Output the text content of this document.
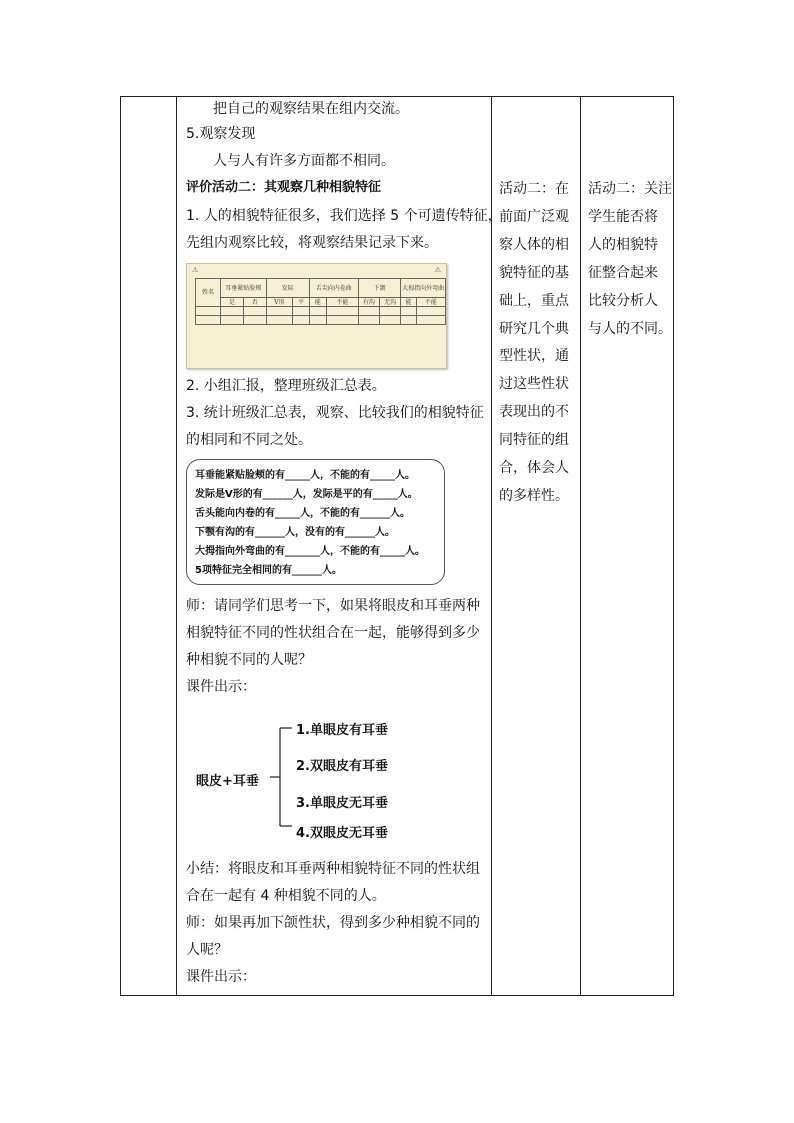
把自己的观察结果在组内交流。
5.观察发现
人与人有许多方面都不相同。
评价活动二：其观察几种相貌特征
1. 人的相貌特征很多，我们选择 5 个可遗传特征，
先组内观察比较，将观察结果记录下来。
⚠	⚠
姓名	耳垂紧贴脸颊		发际		舌尖向内卷曲		下颌		大拇指向外弯曲	
	是	否	V形	平	能	不能	有沟	无沟	能	不能

2. 小组汇报，整理班级汇总表。
3. 统计班级汇总表，观察、比较我们的相貌特征
的相同和不同之处。
耳垂能紧贴脸颊的有_____人，不能的有_____人。
发际是V形的有______人，发际是平的有_____人。
舌头能向内卷的有_____人，不能的有______人。
下颚有沟的有______人，没有的有______人。
大拇指向外弯曲的有_______人，不能的有_____人。
5项特征完全相同的有______人。
师：请同学们思考一下，如果将眼皮和耳垂两种
相貌特征不同的性状组合在一起，能够得到多少
种相貌不同的人呢？
课件出示：
眼皮+耳垂
1.单眼皮有耳垂
2.双眼皮有耳垂
3.单眼皮无耳垂
4.双眼皮无耳垂
小结：将眼皮和耳垂两种相貌特征不同的性状组
合在一起有 4 种相貌不同的人。
师：如果再加下颌性状，得到多少种相貌不同的
人呢？
课件出示：
活动二：在
前面广泛观
察人体的相
貌特征的基
础上，重点
研究几个典
型性状，通
过这些性状
表现出的不
同特征的组
合，体会人
的多样性。
活动二：关注
学生能否将
人的相貌特
征整合起来
比较分析人
与人的不同。
